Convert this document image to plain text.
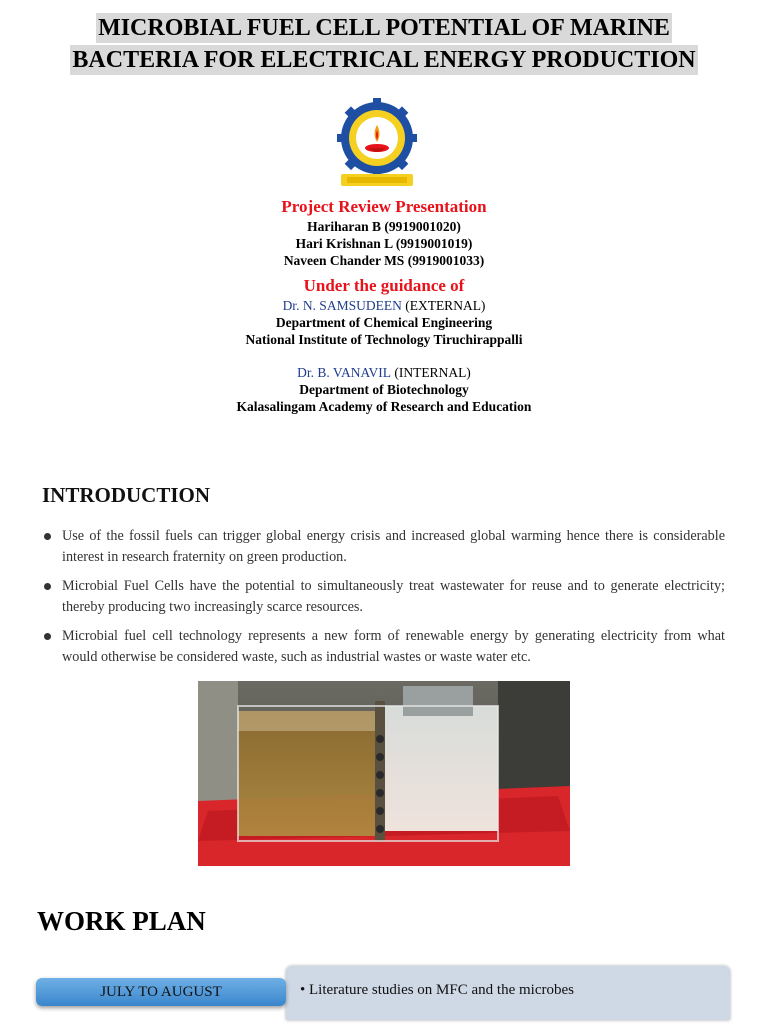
MICROBIAL FUEL CELL POTENTIAL OF MARINE
BACTERIA FOR ELECTRICAL ENERGY PRODUCTION
Project Review Presentation
Hariharan B (9919001020)
Hari Krishnan L (9919001019)
Naveen Chander MS (9919001033)
Under the guidance of
Dr. N. SAMSUDEEN (EXTERNAL)
Department of Chemical Engineering
National Institute of Technology Tiruchirappalli
Dr. B. VANAVIL (INTERNAL)
Department of Biotechnology
Kalasalingam Academy of Research and Education
INTRODUCTION
Use of the fossil fuels can trigger global energy crisis and increased global warming hence there is considerable interest in research fraternity on green production.
Microbial Fuel Cells have the potential to simultaneously treat wastewater for reuse and to generate electricity; thereby producing two increasingly scarce resources.
Microbial fuel cell technology represents a new form of renewable energy by generating electricity from what would otherwise be considered waste, such as industrial wastes or waste water etc.
WORK PLAN
• Literature studies on MFC and the microbes
JULY TO AUGUST
